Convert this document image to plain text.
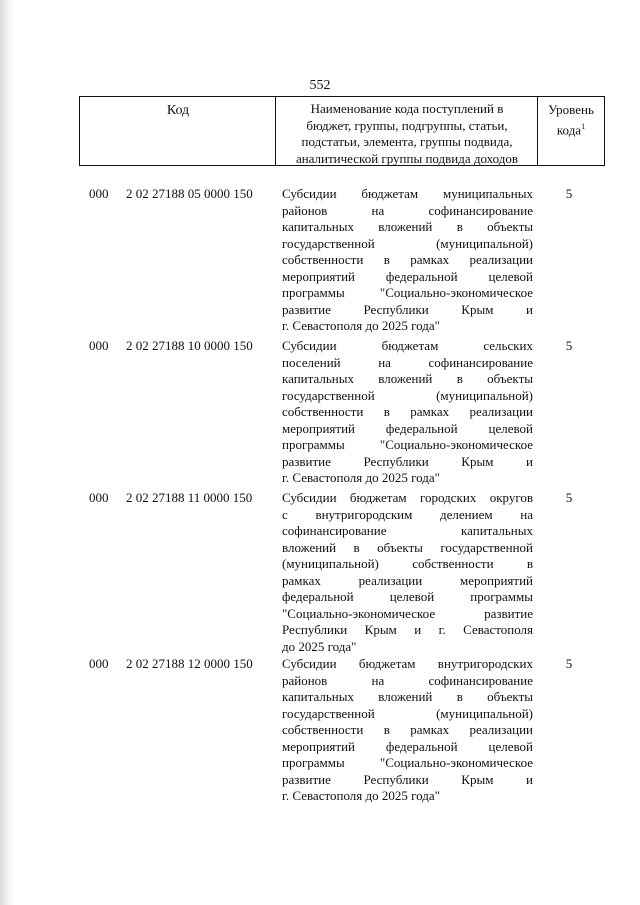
552
Код	Наименование кода поступлений в
бюджет, группы, подгруппы, статьи,
подстатьи, элемента, группы подвида,
аналитической группы подвида доходов
Уровень
кода$^1$
000 2 02 27188 05 0000 150 Субсидии бюджетам муниципальных
районов на софинансирование
капитальных вложений в объекты
государственной (муниципальной)
собственности в рамках реализации
мероприятий федеральной целевой
программы "Социально-экономическое
развитие Республики Крым и
г. Севастополя до 2025 года"
5
000 2 02 27188 10 0000 150 Субсидии бюджетам сельских
поселений на софинансирование
капитальных вложений в объекты
государственной (муниципальной)
собственности в рамках реализации
мероприятий федеральной целевой
программы "Социально-экономическое
развитие Республики Крым и
г. Севастополя до 2025 года"
5
000 2 02 27188 11 0000 150 Субсидии бюджетам городских округов
с внутригородским делением на
софинансирование капитальных
вложений в объекты государственной
(муниципальной) собственности в
рамках реализации мероприятий
федеральной целевой программы
"Социально-экономическое развитие
Республики Крым и г. Севастополя
до 2025 года"
5
000 2 02 27188 12 0000 150 Субсидии бюджетам внутригородских
районов на софинансирование
капитальных вложений в объекты
государственной (муниципальной)
собственности в рамках реализации
мероприятий федеральной целевой
программы "Социально-экономическое
развитие Республики Крым и
г. Севастополя до 2025 года"
5
